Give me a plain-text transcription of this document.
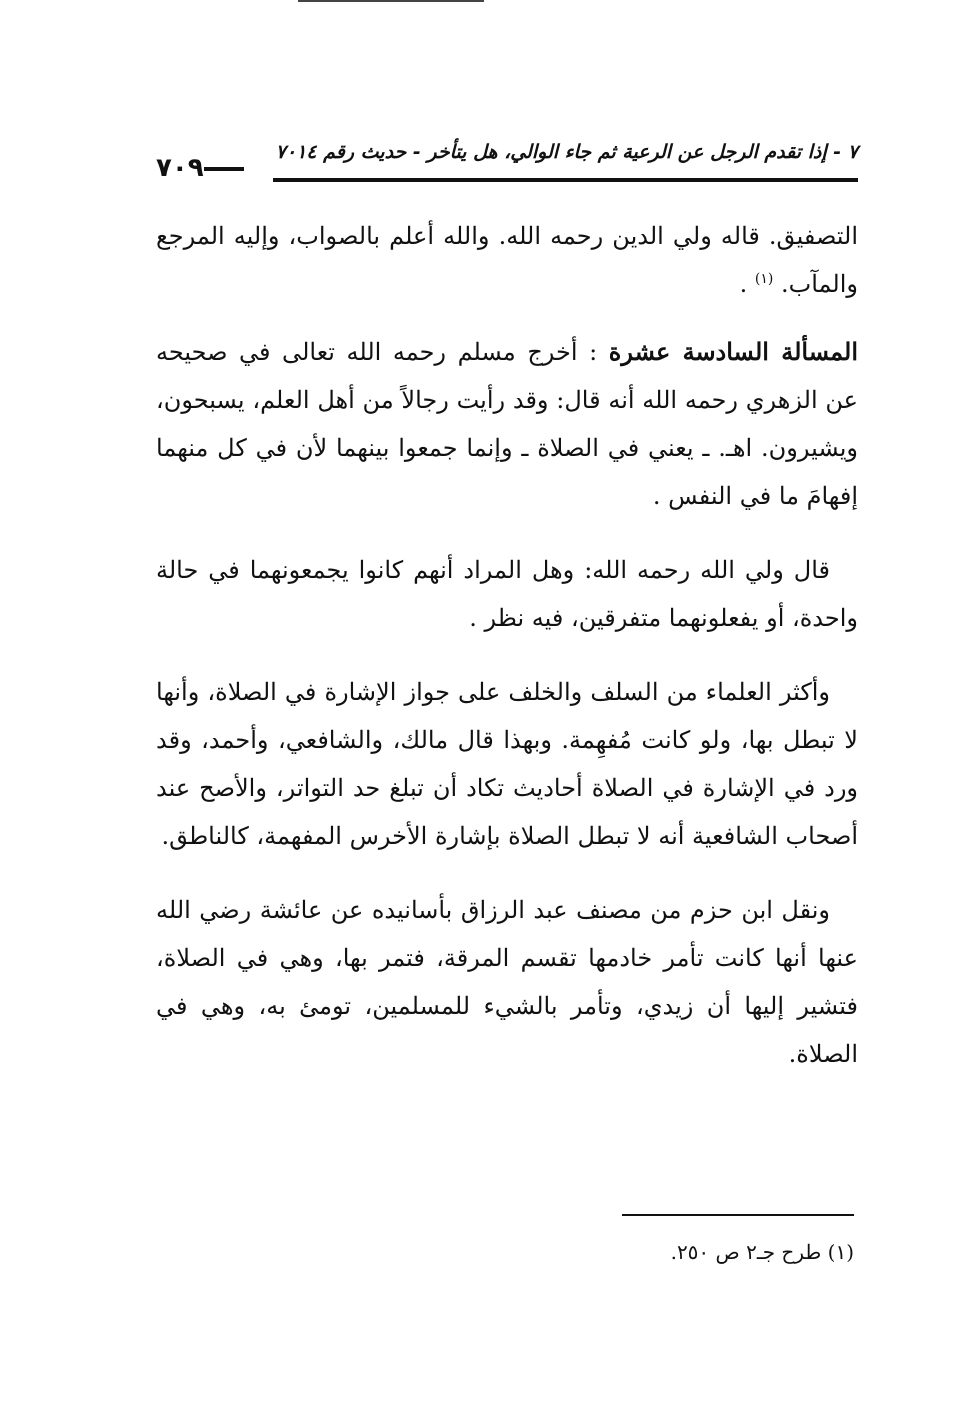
٧ - إذا تقدم الرجل عن الرعية ثم جاء الوالي، هل يتأخر - حديث رقم ٧٠١٤
٧٠٩

التصفيق. قاله ولي الدين رحمه الله. والله أعلم بالصواب، وإليه المرجع والمآب. $^{(١)}$ .

المسألة السادسة عشرة : أخرج مسلم رحمه الله تعالى في صحيحه عن الزهري رحمه الله أنه قال: وقد رأيت رجالاً من أهل العلم، يسبحون، ويشيرون. اهـ. ـ يعني في الصلاة ـ وإنما جمعوا بينهما لأن في كل منهما إفهامَ ما في النفس .

قال ولي الله رحمه الله: وهل المراد أنهم كانوا يجمعونهما في حالة واحدة، أو يفعلونهما متفرقين، فيه نظر .

وأكثر العلماء من السلف والخلف على جواز الإشارة في الصلاة، وأنها لا تبطل بها، ولو كانت مُفهِمة. وبهذا قال مالك، والشافعي، وأحمد، وقد ورد في الإشارة في الصلاة أحاديث تكاد أن تبلغ حد التواتر، والأصح عند أصحاب الشافعية أنه لا تبطل الصلاة بإشارة الأخرس المفهمة، كالناطق.

ونقل ابن حزم من مصنف عبد الرزاق بأسانيده عن عائشة رضي الله عنها أنها كانت تأمر خادمها تقسم المرقة، فتمر بها، وهي في الصلاة، فتشير إليها أن زيدي، وتأمر بالشيء للمسلمين، تومئ به، وهي في الصلاة.

(١) طرح جـ٢ ص ٢٥٠.
